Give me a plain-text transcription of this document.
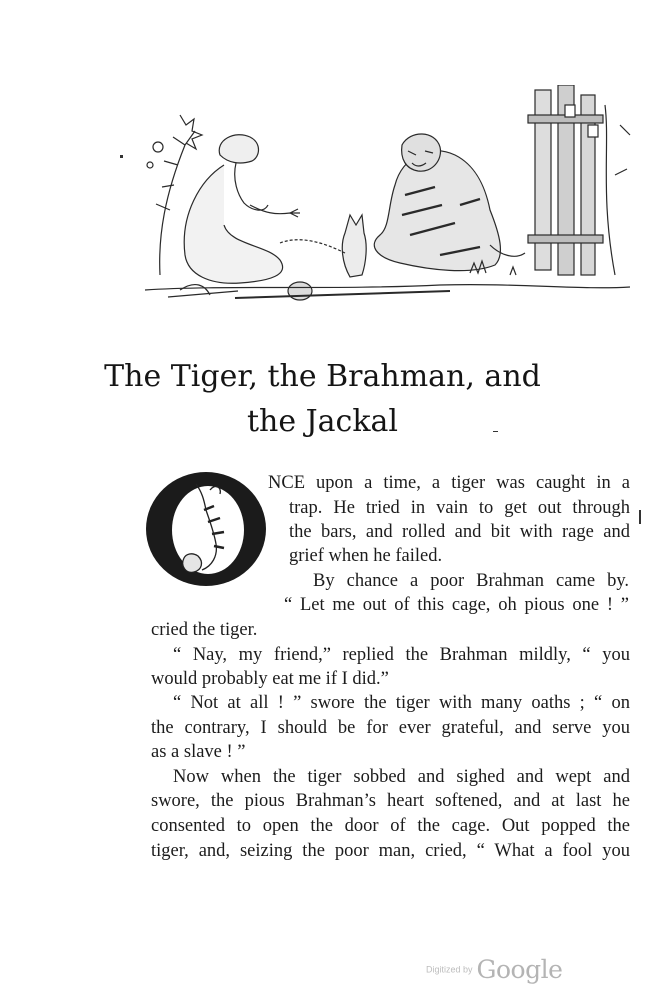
The Tiger, the Brahman, and
the Jackal
NCE upon a time, a tiger was caught in a
trap. He tried in vain to get out through
the bars, and rolled and bit with rage and
grief when he failed.
By chance a poor Brahman came by.
“ Let me out of this cage, oh pious one ! ”
cried the tiger.
“ Nay, my friend,” replied the Brahman mildly, “ you
would probably eat me if I did.”
“ Not at all ! ” swore the tiger with many oaths ; “ on
the contrary, I should be for ever grateful, and serve you
as a slave ! ”
Now when the tiger sobbed and sighed and wept and
swore, the pious Brahman’s heart softened, and at last he
consented to open the door of the cage. Out popped the
tiger, and, seizing the poor man, cried, “ What a fool you
Digitized by Google
